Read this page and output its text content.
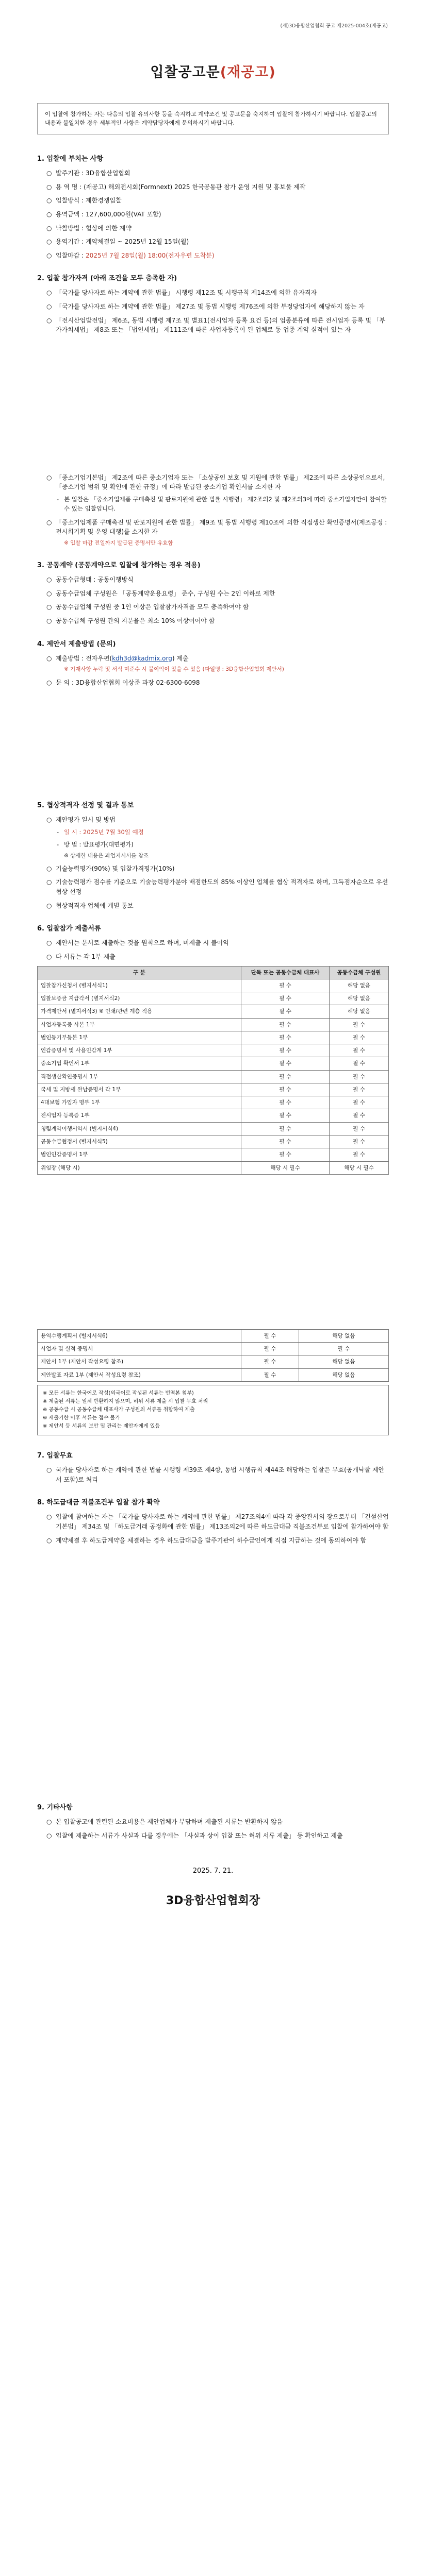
(재)3D융합산업협회 공고 제2025-004호(재공고)
입찰공고문(재공고)
이 입찰에 참가하는 자는 다음의 입찰 유의사항 등을 숙지하고 계약조건 및 공고문을 숙지하여 입찰에 참가하시기 바랍니다. 입찰공고의 내용과 불일치한 경우 세부적인 사항은 계약담당자에게 문의하시기 바랍니다.
1. 입찰에 부치는 사항
○ 발주기관 : 3D융합산업협회
○ 용 역 명 : (재공고) 해외전시회(Formnext) 2025 한국공동관 참가 운영 지원 및 홍보물 제작
○ 입찰방식 : 제한경쟁입찰
○ 용역금액 : 127,600,000원(VAT 포함)
○ 낙찰방법 : 협상에 의한 계약
○ 용역기간 : 계약체결일 ~ 2025년 12월 15일(월)
○ 입찰마감 : 2025년 7월 28일(월) 18:00(전자우편 도착분)
2. 입찰 참가자격 (아래 조건을 모두 충족한 자)
○ 「국가를 당사자로 하는 계약에 관한 법률」 시행령 제12조 및 시행규칙 제14조에 의한 유자격자
○ 「국가를 당사자로 하는 계약에 관한 법률」 제27조 및 동법 시행령 제76조에 의한 부정당업자에 해당하지 않는 자
○ 「전시산업발전법」 제6조, 동법 시행령 제7조 및 별표1(전시업자 등록 요건 등)의 업종분류에 따른 전시업자 등록 및 「부가가치세법」 제8조 또는 「법인세법」 제111조에 따른 사업자등록이 된 업체로 동 업종 계약 실적이 있는 자
○ 「중소기업기본법」 제2조에 따른 중소기업자 또는 「소상공인 보호 및 지원에 관한 법률」 제2조에 따른 소상공인으로서, 「중소기업 범위 및 확인에 관한 규정」에 따라 발급된 중소기업 확인서를 소지한 자
- 본 입찰은 「중소기업제품 구매촉진 및 판로지원에 관한 법률 시행령」 제2조의2 및 제2조의3에 따라 중소기업자만이 참여할 수 있는 입찰입니다.
○ 「중소기업제품 구매촉진 및 판로지원에 관한 법률」 제9조 및 동법 시행령 제10조에 의한 직접생산 확인증명서(제조공정 : 전시회기획 및 운영 대행)를 소지한 자
※ 입찰 마감 전일까지 발급된 증명서만 유효함
3. 공동계약 (공동계약으로 입찰에 참가하는 경우 적용)
○ 공동수급형태 : 공동이행방식
○ 공동수급업체 구성원은 「공동계약운용요령」 준수, 구성원 수는 2인 이하로 제한
○ 공동수급업체 구성원 중 1인 이상은 입찰참가자격을 모두 충족하여야 함
○ 공동수급체 구성원 간의 지분율은 최소 10% 이상이어야 함
4. 제안서 제출방법 (문의)
○ 제출방법 : 전자우편(kdh3d@kadmix.org) 제출
※ 기재사항 누락 및 서식 미준수 시 불이익이 있을 수 있음 (파일명 : 3D융합산업협회 제안서)
○ 문 의 : 3D융합산업협회 이상준 과장 02-6300-6098
5. 협상적격자 선정 및 결과 통보
○ 제안평가 일시 및 방법
- 일 시 : 2025년 7월 30일 예정
- 방 법 : 발표평가(대면평가)
※ 상세한 내용은 과업지시서를 참조
○ 기술능력평가(90%) 및 입찰가격평가(10%)
○ 기술능력평가 점수를 기준으로 기술능력평가분야 배점한도의 85% 이상인 업체를 협상 적격자로 하며, 고득점자순으로 우선협상 선정
○ 협상적격자 업체에 개별 통보
6. 입찰참가 제출서류
○ 제안서는 문서로 제출하는 것을 원칙으로 하며, 미제출 시 불이익
○ 다 서류는 각 1부 제출
구 분	단독 또는 공동수급체 대표사	공동수급체 구성원
입찰참가신청서 (별지서식1)	필 수	해당 없음
입찰보증금 지급각서 (별지서식2)	필 수	해당 없음
가격제안서 (별지서식3) ※ 인쇄/관련 계층 적용	필 수	해당 없음
사업자등록증 사본 1부	필 수	필 수
법인등기부등본 1부	필 수	필 수
인감증명서 및 사용인감계 1부	필 수	필 수
중소기업 확인서 1부	필 수	필 수
직접생산확인증명서 1부	필 수	필 수
국세 및 지방세 완납증명서 각 1부	필 수	필 수
4대보험 가입자 명부 1부	필 수	필 수
전시업자 등록증 1부	필 수	필 수
청렴계약이행서약서 (별지서식4)	필 수	필 수
공동수급협정서 (별지서식5)	필 수	필 수
법인인감증명서 1부	필 수	필 수
위임장 (해당 시)	해당 시 필수	해당 시 필수
용역수행계획서 (별지서식6)	필 수	해당 없음
사업자 및 실적 증명서	필 수	필 수
제안서 1부 (제안서 작성요령 참조)	필 수	해당 없음
제안발표 자료 1부 (제안서 작성요령 참조)	필 수	해당 없음
※ 모든 서류는 한국어로 작성(외국어로 작성된 서류는 번역본 첨부)
※ 제출된 서류는 일체 반환하지 않으며, 허위 서류 제출 시 입찰 무효 처리
※ 공동수급 시 공동수급체 대표사가 구성원의 서류를 취합하여 제출
※ 제출기한 이후 서류는 접수 불가
※ 제안서 등 서류의 보안 및 관리는 제안자에게 있음
7. 입찰무효
○ 국가를 당사자로 하는 계약에 관한 법률 시행령 제39조 제4항, 동법 시행규칙 제44조 해당하는 입찰은 무효(공개낙찰 제안서 포함)로 처리
8. 하도급대금 직불조건부 입찰 참가 확약
○ 입찰에 참여하는 자는 「국가를 당사자로 하는 계약에 관한 법률」 제27조의4에 따라 각 중앙관서의 장으로부터 「건설산업기본법」 제34조 및 「하도급거래 공정화에 관한 법률」 제13조의2에 따른 하도급대금 직불조건부로 입찰에 참가하여야 함
○ 계약체결 후 하도급계약을 체결하는 경우 하도급대금을 발주기관이 하수급인에게 직접 지급하는 것에 동의하여야 함
9. 기타사항
○ 본 입찰공고에 관련된 소요비용은 제안업체가 부담하며 제출된 서류는 반환하지 않음
○ 입찰에 제출하는 서류가 사실과 다를 경우에는 「사실과 상이 입찰 또는 허위 서류 제출」 등 확인하고 제출
2025. 7. 21.
3D융합산업협회장
